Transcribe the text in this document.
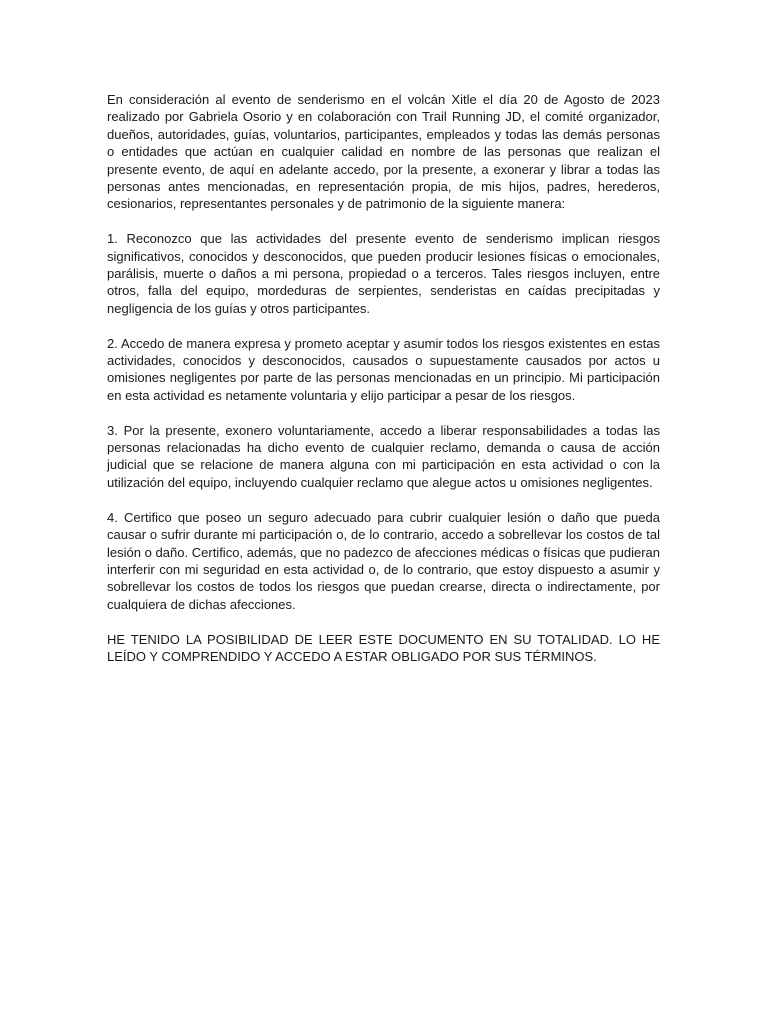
En consideración al evento de senderismo en el volcán Xitle el día 20 de Agosto de 2023 realizado por Gabriela Osorio y en colaboración con Trail Running JD, el comité organizador, dueños, autoridades, guías, voluntarios, participantes, empleados y todas las demás personas o entidades que actúan en cualquier calidad en nombre de las personas que realizan el presente evento, de aquí en adelante accedo, por la presente, a exonerar y librar a todas las personas antes mencionadas, en representación propia, de mis hijos, padres, herederos, cesionarios, representantes personales y de patrimonio de la siguiente manera:

1. Reconozco que las actividades del presente evento de senderismo implican riesgos significativos, conocidos y desconocidos, que pueden producir lesiones físicas o emocionales, parálisis, muerte o daños a mi persona, propiedad o a terceros. Tales riesgos incluyen, entre otros, falla del equipo, mordeduras de serpientes, senderistas en caídas precipitadas y negligencia de los guías y otros participantes.

2. Accedo de manera expresa y prometo aceptar y asumir todos los riesgos existentes en estas actividades, conocidos y desconocidos, causados o supuestamente causados por actos u omisiones negligentes por parte de las personas mencionadas en un principio. Mi participación en esta actividad es netamente voluntaria y elijo participar a pesar de los riesgos.

3. Por la presente, exonero voluntariamente, accedo a liberar responsabilidades a todas las personas relacionadas ha dicho evento de cualquier reclamo, demanda o causa de acción judicial que se relacione de manera alguna con mi participación en esta actividad o con la utilización del equipo, incluyendo cualquier reclamo que alegue actos u omisiones negligentes.

4. Certifico que poseo un seguro adecuado para cubrir cualquier lesión o daño que pueda causar o sufrir durante mi participación o, de lo contrario, accedo a sobrellevar los costos de tal lesión o daño. Certifico, además, que no padezco de afecciones médicas o físicas que pudieran interferir con mi seguridad en esta actividad o, de lo contrario, que estoy dispuesto a asumir y sobrellevar los costos de todos los riesgos que puedan crearse, directa o indirectamente, por cualquiera de dichas afecciones.

HE TENIDO LA POSIBILIDAD DE LEER ESTE DOCUMENTO EN SU TOTALIDAD. LO HE LEÍDO Y COMPRENDIDO Y ACCEDO A ESTAR OBLIGADO POR SUS TÉRMINOS.
